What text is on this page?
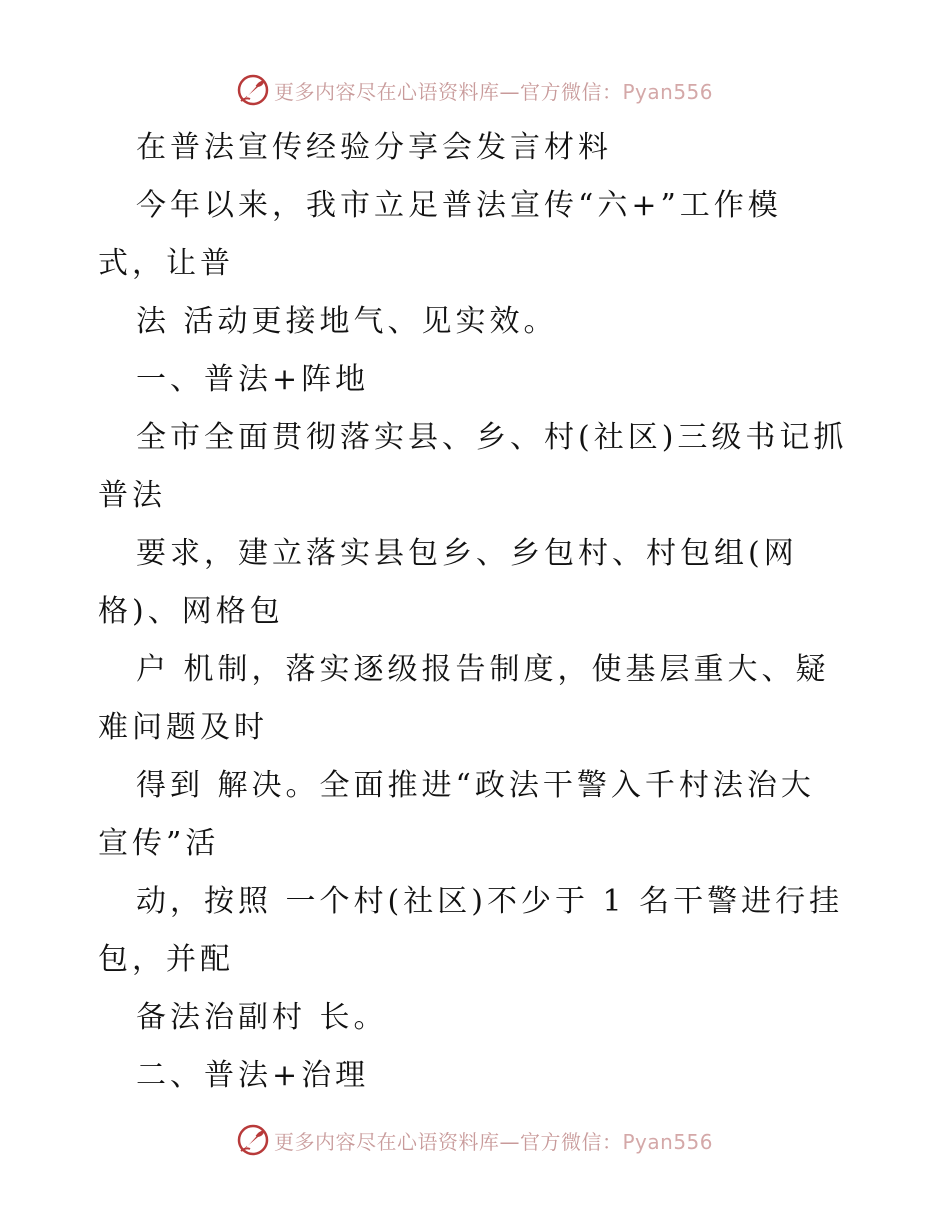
更多内容尽在心语资料库—官方微信：Pyan556
在普法宣传经验分享会发言材料
今年以来，我市立足普法宣传“六+”工作模
式，让普
法 活动更接地气、见实效。
一、普法+阵地
全市全面贯彻落实县、乡、村(社区)三级书记抓
普法
要求，建立落实县包乡、乡包村、村包组(网
格)、网格包
户 机制，落实逐级报告制度，使基层重大、疑
难问题及时
得到 解决。全面推进“政法干警入千村法治大
宣传”活
动，按照 一个村(社区)不少于 1 名干警进行挂
包，并配
备法治副村 长。
二、普法+治理
更多内容尽在心语资料库—官方微信：Pyan556
